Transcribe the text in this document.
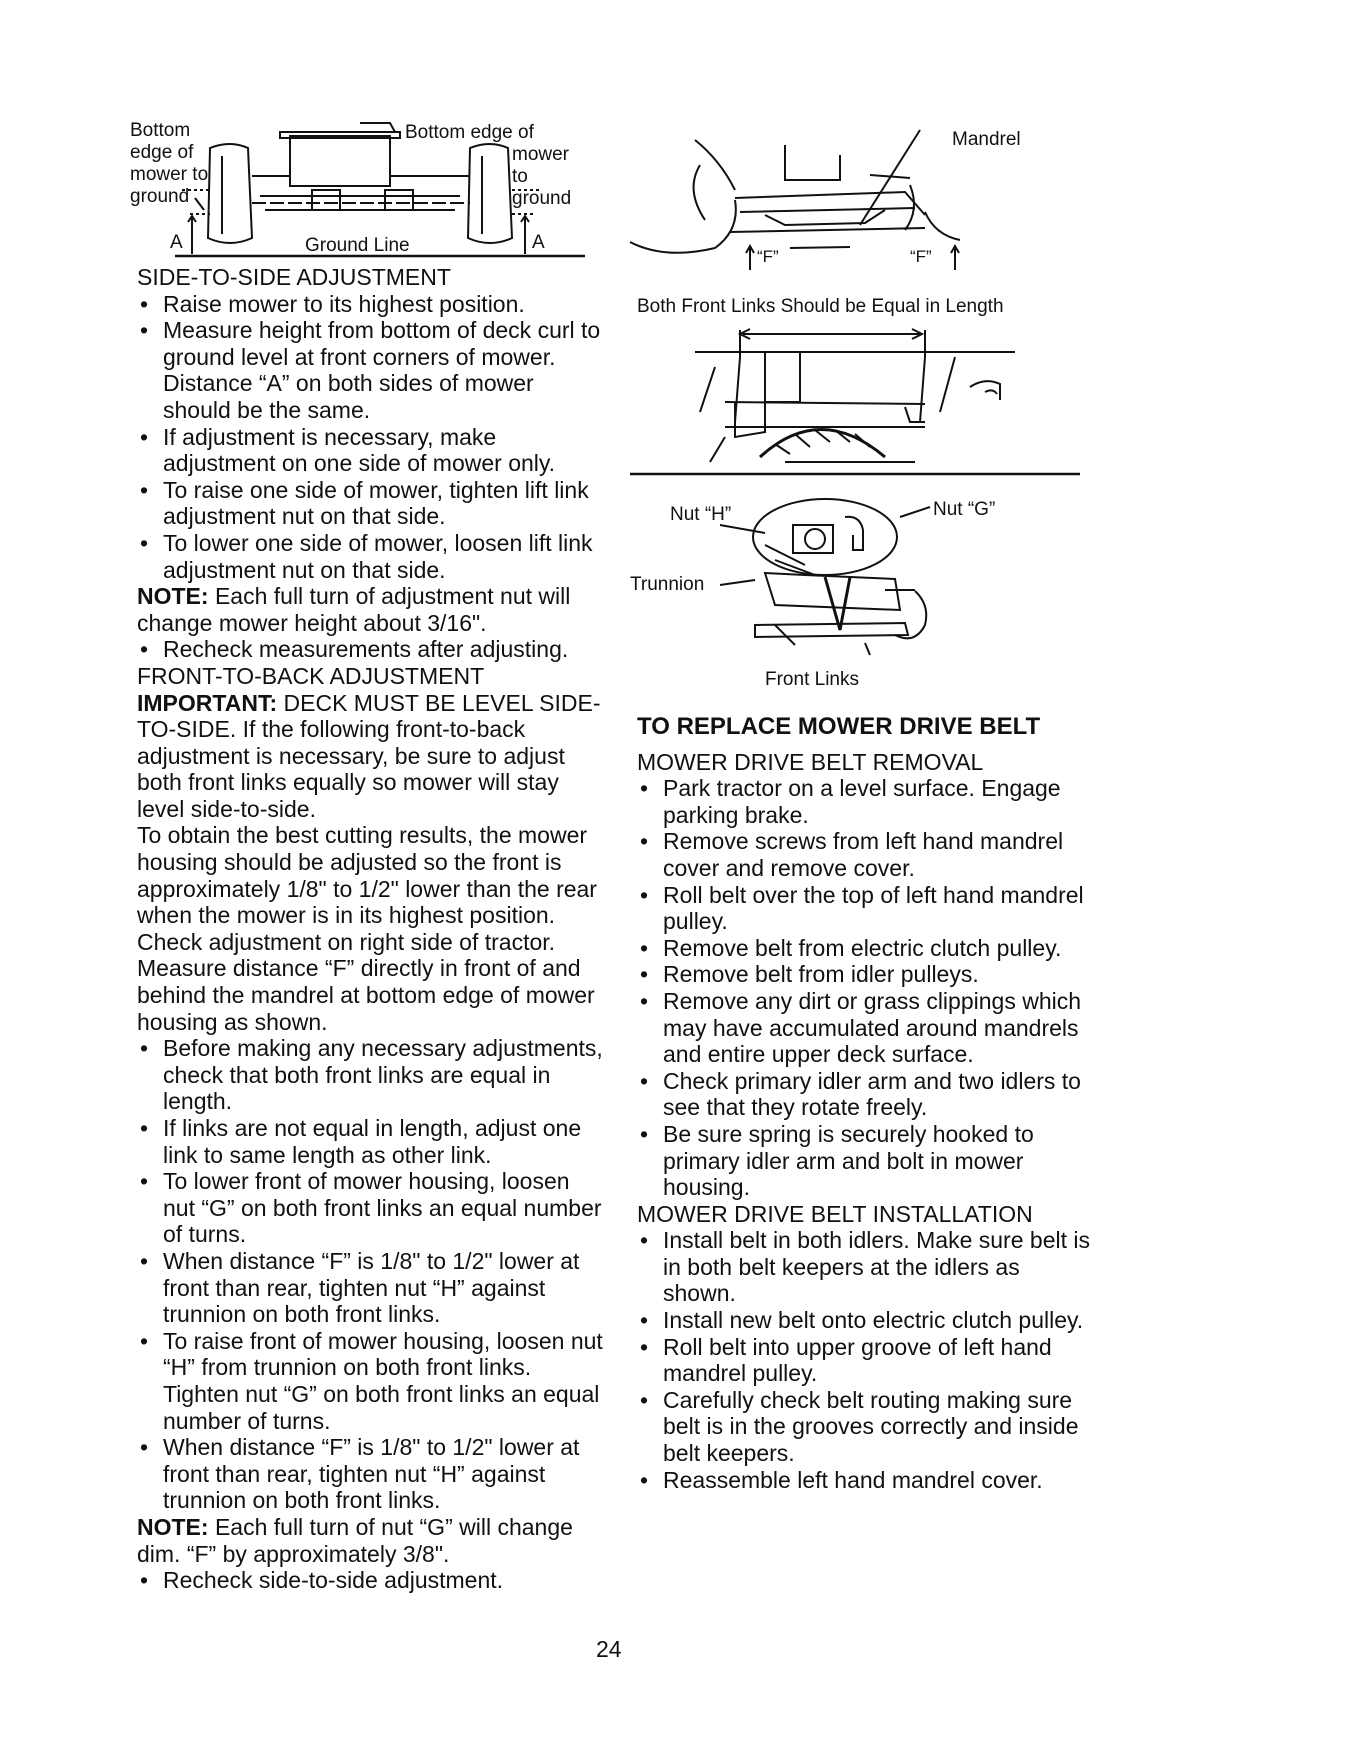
Bottom
edge of
mower to
ground
Bottom edge of
mower
to
ground
A	A
Ground Line

SIDE-TO-SIDE ADJUSTMENT

• Raise mower to its highest position.

• Measure height from bottom of deck curl to ground level at front corners of mower. Distance “A” on both sides of mower should be the same.

• If adjustment is necessary, make adjustment on one side of mower only.

• To raise one side of mower, tighten lift link adjustment nut on that side.

• To lower one side of mower, loosen lift link adjustment nut on that side.

NOTE: Each full turn of adjustment nut will change mower height about 3/16".

• Recheck measurements after adjusting.

FRONT-TO-BACK ADJUSTMENT

IMPORTANT: DECK MUST BE LEVEL SIDE-TO-SIDE. If the following front-to-back adjustment is necessary, be sure to adjust both front links equally so mower will stay level side-to-side.

To obtain the best cutting results, the mower housing should be adjusted so the front is approximately 1/8" to 1/2" lower than the rear when the mower is in its highest position.

Check adjustment on right side of tractor. Measure distance “F” directly in front of and behind the mandrel at bottom edge of mower housing as shown.

• Before making any necessary adjustments, check that both front links are equal in length.

• If links are not equal in length, adjust one link to same length as other link.

• To lower front of mower housing, loosen nut “G” on both front links an equal number of turns.

• When distance “F” is 1/8" to 1/2" lower at front than rear, tighten nut “H” against trunnion on both front links.

• To raise front of mower housing, loosen nut “H” from trunnion on both front links. Tighten nut “G” on both front links an equal number of turns.

• When distance “F” is 1/8" to 1/2" lower at front than rear, tighten nut “H” against trunnion on both front links.

NOTE: Each full turn of nut “G” will change dim. “F” by approximately 3/8".

• Recheck side-to-side adjustment.

Mandrel
“F”	“F”
Both Front Links Should be Equal in Length
Nut “H”	Nut “G”
Trunnion
Front Links

TO REPLACE MOWER DRIVE BELT

MOWER DRIVE BELT REMOVAL

• Park tractor on a level surface. Engage parking brake.

• Remove screws from left hand mandrel cover and remove cover.

• Roll belt over the top of left hand mandrel pulley.

• Remove belt from electric clutch pulley.

• Remove belt from idler pulleys.

• Remove any dirt or grass clippings which may have accumulated around mandrels and entire upper deck surface.

• Check primary idler arm and two idlers to see that they rotate freely.

• Be sure spring is securely hooked to primary idler arm and bolt in mower housing.

MOWER DRIVE BELT INSTALLATION

• Install belt in both idlers. Make sure belt is in both belt keepers at the idlers as shown.

• Install new belt onto electric clutch pulley.

• Roll belt into upper groove of left hand mandrel pulley.

• Carefully check belt routing making sure belt is in the grooves correctly and inside belt keepers.

• Reassemble left hand mandrel cover.

24
